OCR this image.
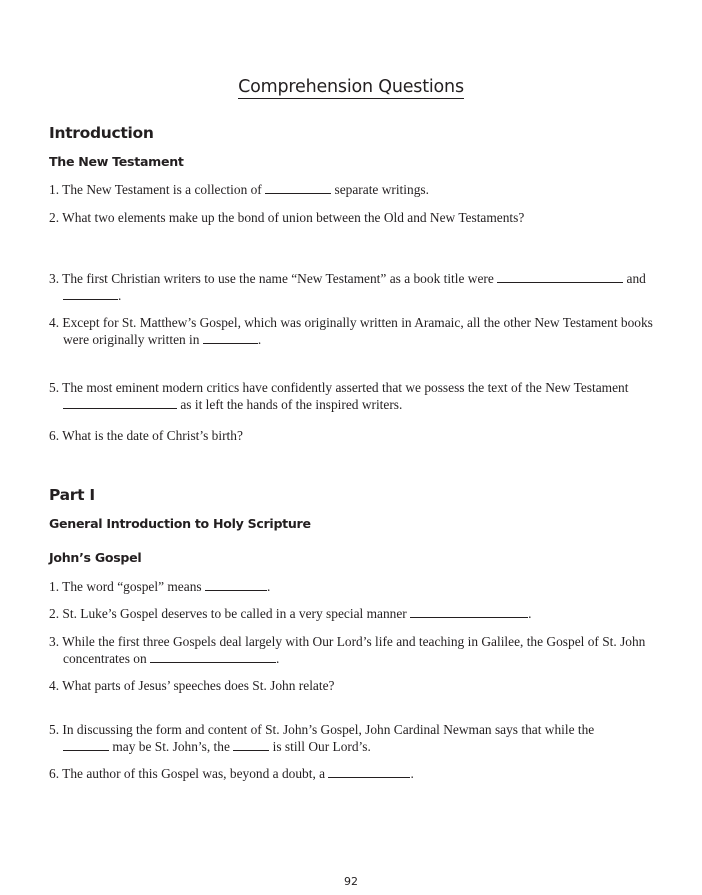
Comprehension Questions
Introduction
The New Testament
1. The New Testament is a collection of	separate writings.
2. What two elements make up the bond of union between the Old and New Testaments?
3. The first Christian writers to use the name “New Testament” as a book title were	and
.
4. Except for St. Matthew’s Gospel, which was originally written in Aramaic, all the other New Testament books
were originally written in	.
5. The most eminent modern critics have confidently asserted that we possess the text of the New Testament
as it left the hands of the inspired writers.
6. What is the date of Christ’s birth?
Part I
General Introduction to Holy Scripture
John’s Gospel
1. The word “gospel” means	.
2. St. Luke’s Gospel deserves to be called in a very special manner	.
3. While the first three Gospels deal largely with Our Lord’s life and teaching in Galilee, the Gospel of St. John
concentrates on	.
4. What parts of Jesus’ speeches does St. John relate?
5. In discussing the form and content of St. John’s Gospel, John Cardinal Newman says that while the
may be St. John’s, the	is still Our Lord’s.
6. The author of this Gospel was, beyond a doubt, a	.
92
